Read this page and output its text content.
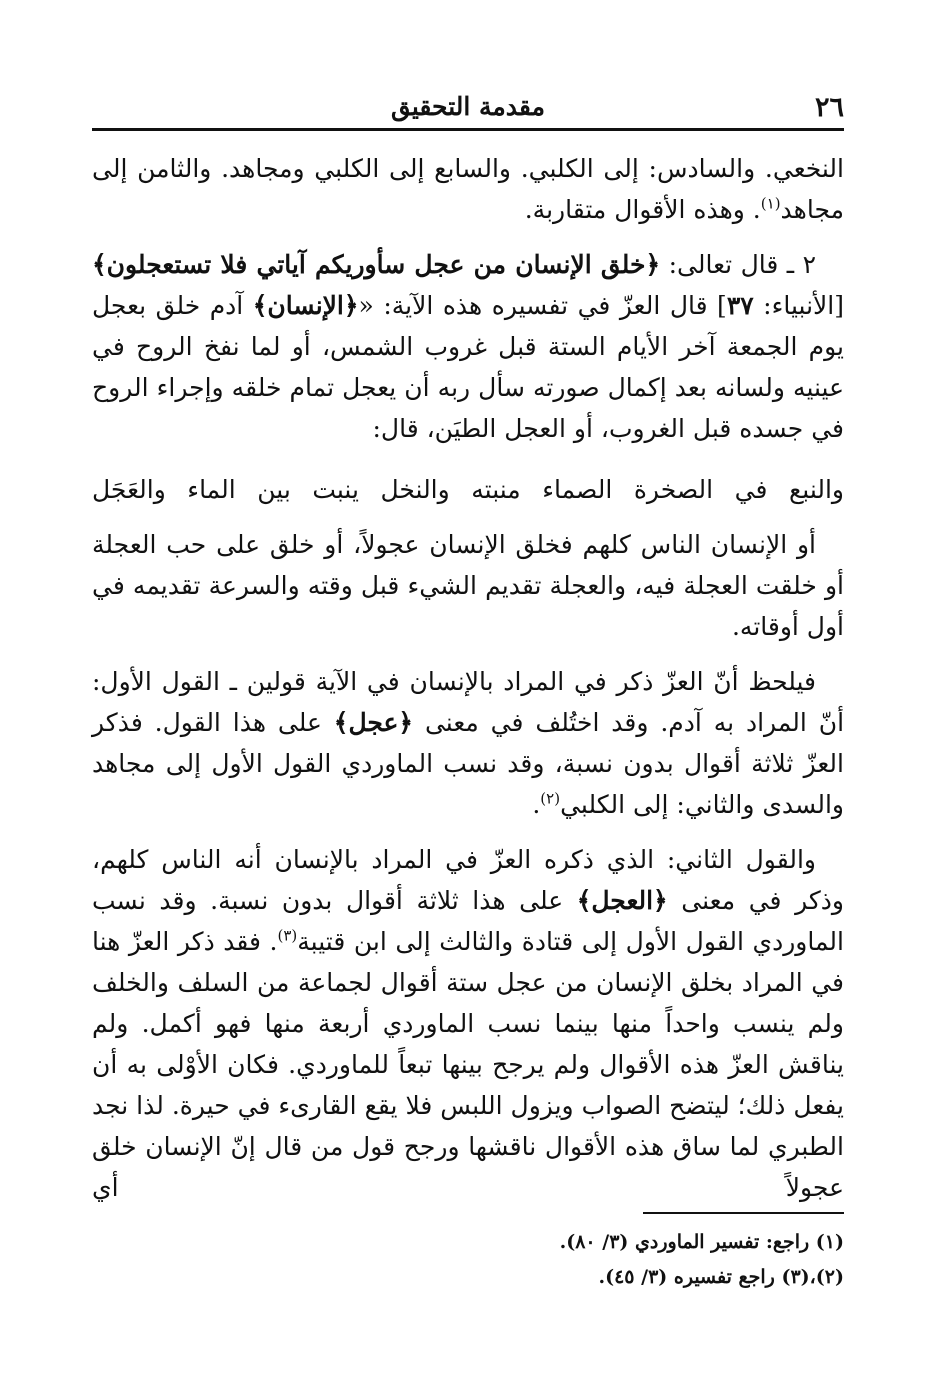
٢٦
مقدمة التحقيق

النخعي. والسادس: إلى الكلبي. والسابع إلى الكلبي ومجاهد. والثامن إلى مجاهد$^{(١)}$. وهذه الأقوال متقاربة.

٢ ـ قال تعالى: ﴿خلق الإنسان من عجل سأوريكم آياتي فلا تستعجلون﴾ [الأنبياء: ٣٧] قال العزّ في تفسيره هذه الآية: «﴿الإنسان﴾ آدم خلق بعجل يوم الجمعة آخر الأيام الستة قبل غروب الشمس، أو لما نفخ الروح في عينيه ولسانه بعد إكمال صورته سأل ربه أن يعجل تمام خلقه وإجراء الروح في جسده قبل الغروب، أو العجل الطيَن، قال:

والنبع في الصخرة الصماء منبته والنخل ينبت بين الماء والعَجَل

أو الإنسان الناس كلهم فخلق الإنسان عجولاً، أو خلق على حب العجلة أو خلقت العجلة فيه، والعجلة تقديم الشيء قبل وقته والسرعة تقديمه في أول أوقاته.

فيلحظ أنّ العزّ ذكر في المراد بالإنسان في الآية قولين ـ القول الأول: أنّ المراد به آدم. وقد اختُلف في معنى ﴿عجل﴾ على هذا القول. فذكر العزّ ثلاثة أقوال بدون نسبة، وقد نسب الماوردي القول الأول إلى مجاهد والسدى والثاني: إلى الكلبي$^{(٢)}$.

والقول الثاني: الذي ذكره العزّ في المراد بالإنسان أنه الناس كلهم، وذكر في معنى ﴿العجل﴾ على هذا ثلاثة أقوال بدون نسبة. وقد نسب الماوردي القول الأول إلى قتادة والثالث إلى ابن قتيبة$^{(٣)}$. فقد ذكر العزّ هنا في المراد بخلق الإنسان من عجل ستة أقوال لجماعة من السلف والخلف ولم ينسب واحداً منها بينما نسب الماوردي أربعة منها فهو أكمل. ولم يناقش العزّ هذه الأقوال ولم يرجح بينها تبعاً للماوردي. فكان الأوْلى به أن يفعل ذلك؛ ليتضح الصواب ويزول اللبس فلا يقع القارىء في حيرة. لذا نجد الطبري لما ساق هذه الأقوال ناقشها ورجح قول من قال إنّ الإنسان خلق عجولاً أي

(١) راجع: تفسير الماوردي (٣/ ٨٠).

(٢)،(٣) راجع تفسيره (٣/ ٤٥).
